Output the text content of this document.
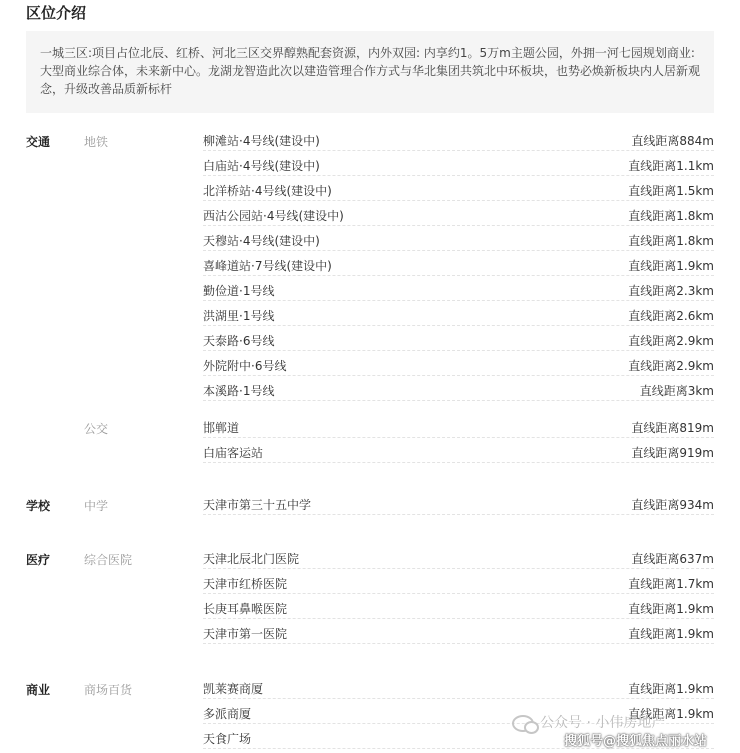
区位介绍
一城三区:项目占位北辰、红桥、河北三区交界醇熟配套资源，内外双园: 内享约1。5万m主题公园，外拥一河七园规划商业:大型商业综合体，未来新中心。龙湖龙智造此次以建造管理合作方式与华北集团共筑北中环板块，也势必焕新板块内人居新观念，升级改善品质新标杆
交通	地铁	柳滩站·4号线(建设中)	直线距离884m
白庙站·4号线(建设中)	直线距离1.1km
北洋桥站·4号线(建设中)	直线距离1.5km
西沽公园站·4号线(建设中)	直线距离1.8km
天穆站·4号线(建设中)	直线距离1.8km
喜峰道站·7号线(建设中)	直线距离1.9km
勤俭道·1号线	直线距离2.3km
洪湖里·1号线	直线距离2.6km
天泰路·6号线	直线距离2.9km
外院附中·6号线	直线距离2.9km
本溪路·1号线	直线距离3km
公交	邯郸道	直线距离819m
白庙客运站	直线距离919m
学校	中学	天津市第三十五中学	直线距离934m
医疗	综合医院	天津北辰北门医院	直线距离637m
天津市红桥医院	直线距离1.7km
长庚耳鼻喉医院	直线距离1.9km
天津市第一医院	直线距离1.9km
商业	商场百货	凯莱赛商厦	直线距离1.9km
多派商厦	直线距离1.9km
天食广场
公众号 · 小伟房地产
搜狐号@搜狐焦点丽水站
